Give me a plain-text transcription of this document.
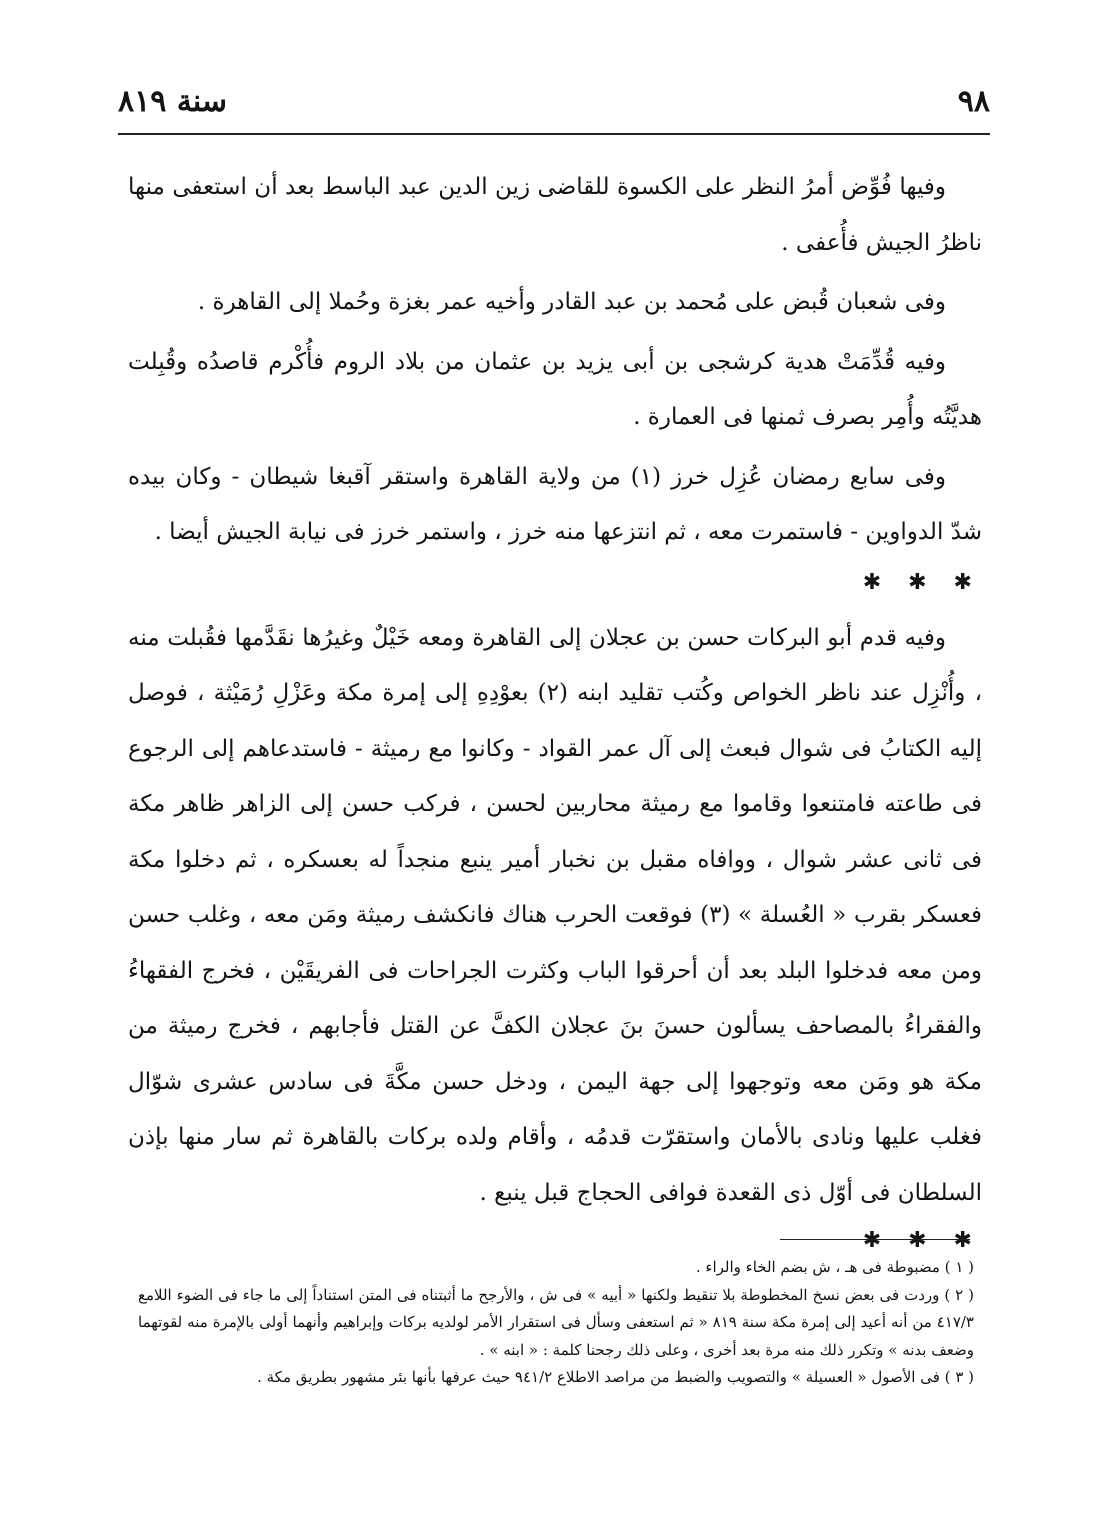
٩٨
سنة ٨١٩

وفيها فُوِّض أمرُ النظر على الكسوة للقاضى زين الدين عبد الباسط بعد أن استعفى منها ناظرُ الجيش فأُعفى .

وفى شعبان قُبض على مُحمد بن عبد القادر وأخيه عمر بغزة وحُملا إلى القاهرة .

وفيه قُدِّمَتْ هدية كرشجى بن أبى يزيد بن عثمان من بلاد الروم فأُكْرم قاصدُه وقُبِلت هديَّتُه وأُمِر بصرف ثمنها فى العمارة .

وفى سابع رمضان عُزِل خرز (١) من ولاية القاهرة واستقر آقبغا شيطان - وكان بيده شدّ الدواوين - فاستمرت معه ، ثم انتزعها منه خرز ، واستمر خرز فى نيابة الجيش أيضا .

✱ ✱ ✱

وفيه قدم أبو البركات حسن بن عجلان إلى القاهرة ومعه خَيْلٌ وغيرُها نقَدَّمها فقُبلت منه ، وأُنْزِل عند ناظر الخواص وكُتب تقليد ابنه (٢) بعوْدِهِ إلى إمرة مكة وعَزْلِ رُمَيْثة ، فوصل إليه الكتابُ فى شوال فبعث إلى آل عمر القواد - وكانوا مع رميثة - فاستدعاهم إلى الرجوع فى طاعته فامتنعوا وقاموا مع رميثة محاربين لحسن ، فركب حسن إلى الزاهر ظاهر مكة فى ثانى عشر شوال ، ووافاه مقبل بن نخبار أمير ينبع منجداً له بعسكره ، ثم دخلوا مكة فعسكر بقرب « العُسلة » (٣) فوقعت الحرب هناك فانكشف رميثة ومَن معه ، وغلب حسن ومن معه فدخلوا البلد بعد أن أحرقوا الباب وكثرت الجراحات فى الفريقَيْن ، فخرج الفقهاءُ والفقراءُ بالمصاحف يسألون حسنَ بنَ عجلان الكفَّ عن القتل فأجابهم ، فخرج رميثة من مكة هو ومَن معه وتوجهوا إلى جهة اليمن ، ودخل حسن مكَّةَ فى سادس عشرى شوّال فغلب عليها ونادى بالأمان واستقرّت قدمُه ، وأقام ولده بركات بالقاهرة ثم سار منها بإذن السلطان فى أوّل ذى القعدة فوافى الحجاج قبل ينبع .

✱ ✱ ✱

( ١ ) مضبوطة فى هـ ، ش بضم الخاء والراء .

( ٢ ) وردت فى بعض نسخ المخطوطة بلا تنقيط ولكنها « أبيه » فى ش ، والأرجح ما أثبتناه فى المتن استناداً إلى ما جاء فى الضوء اللامع ٤١٧/٣ من أنه أعيد إلى إمرة مكة سنة ٨١٩ « ثم استعفى وسأل فى استقرار الأمر لولديه بركات وإبراهيم وأنهما أولى بالإمرة منه لقوتهما وضعف بدنه » وتكرر ذلك منه مرة بعد أخرى ، وعلى ذلك رجحنا كلمة : « ابنه » .

( ٣ ) فى الأصول « العسيلة » والتصويب والضبط من مراصد الاطلاع ٩٤١/٢ حيث عرفها بأنها بئر مشهور بطريق مكة .
